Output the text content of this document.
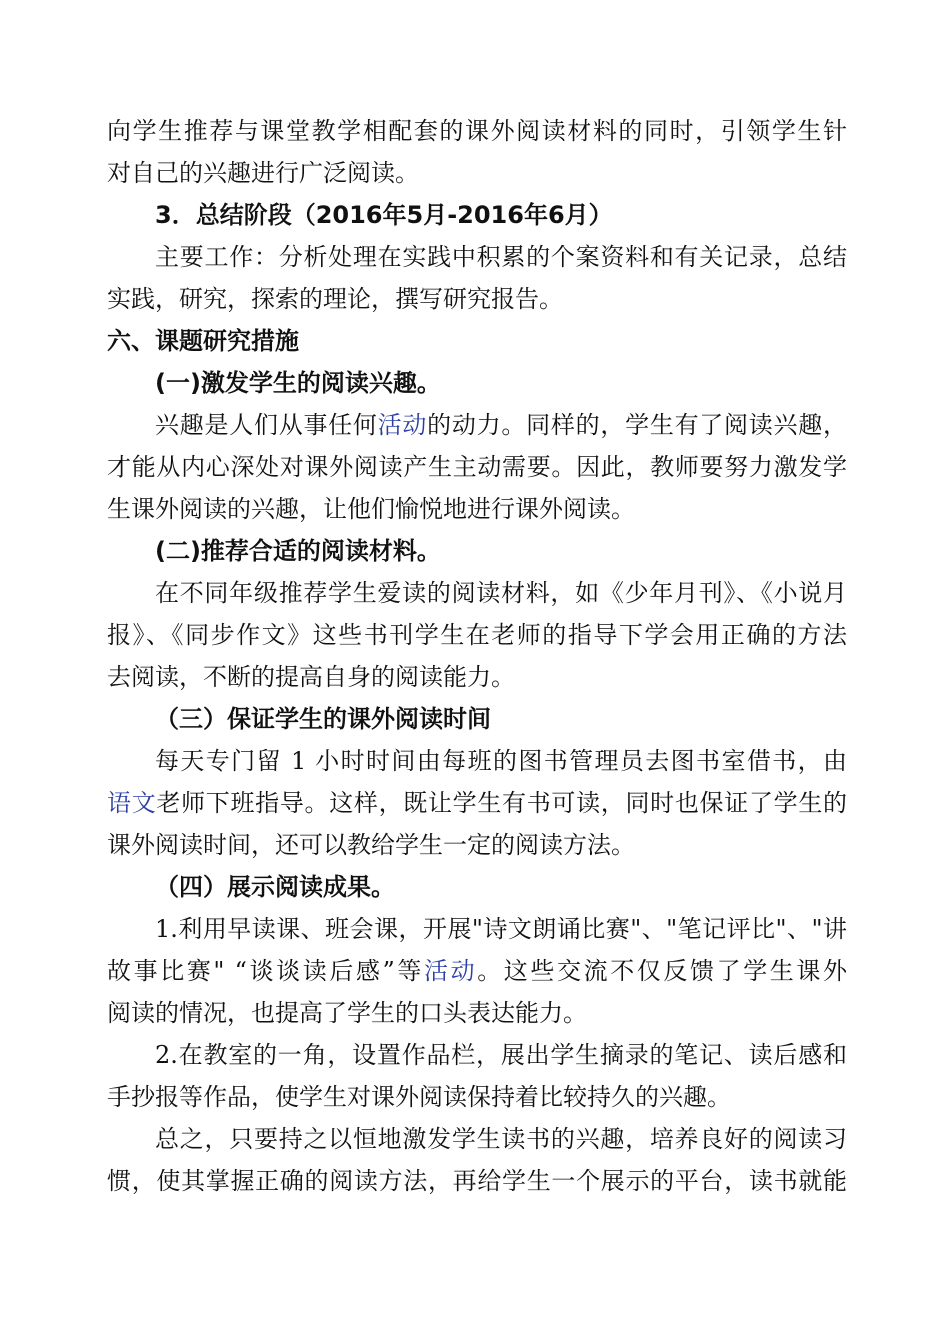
向学生推荐与课堂教学相配套的课外阅读材料的同时，引领学生针
对自己的兴趣进行广泛阅读。
3．总结阶段（2016年5月-2016年6月）
主要工作：分析处理在实践中积累的个案资料和有关记录，总结
实践，研究，探索的理论，撰写研究报告。
六、课题研究措施
(一)激发学生的阅读兴趣。
兴趣是人们从事任何活动的动力。同样的，学生有了阅读兴趣，
才能从内心深处对课外阅读产生主动需要。因此，教师要努力激发学
生课外阅读的兴趣，让他们愉悦地进行课外阅读。
(二)推荐合适的阅读材料。
在不同年级推荐学生爱读的阅读材料，如《少年月刊》、《小说月
报》、《同步作文》这些书刊学生在老师的指导下学会用正确的方法
去阅读，不断的提高自身的阅读能力。
（三）保证学生的课外阅读时间
每天专门留 1 小时时间由每班的图书管理员去图书室借书，由
语文老师下班指导。这样，既让学生有书可读，同时也保证了学生的
课外阅读时间，还可以教给学生一定的阅读方法。
（四）展示阅读成果。
1.利用早读课、班会课，开展"诗文朗诵比赛"、"笔记评比"、"讲
故事比赛" “谈谈读后感”等活动。这些交流不仅反馈了学生课外
阅读的情况，也提高了学生的口头表达能力。
2.在教室的一角，设置作品栏，展出学生摘录的笔记、读后感和
手抄报等作品，使学生对课外阅读保持着比较持久的兴趣。
总之，只要持之以恒地激发学生读书的兴趣，培养良好的阅读习
惯，使其掌握正确的阅读方法，再给学生一个展示的平台，读书就能
